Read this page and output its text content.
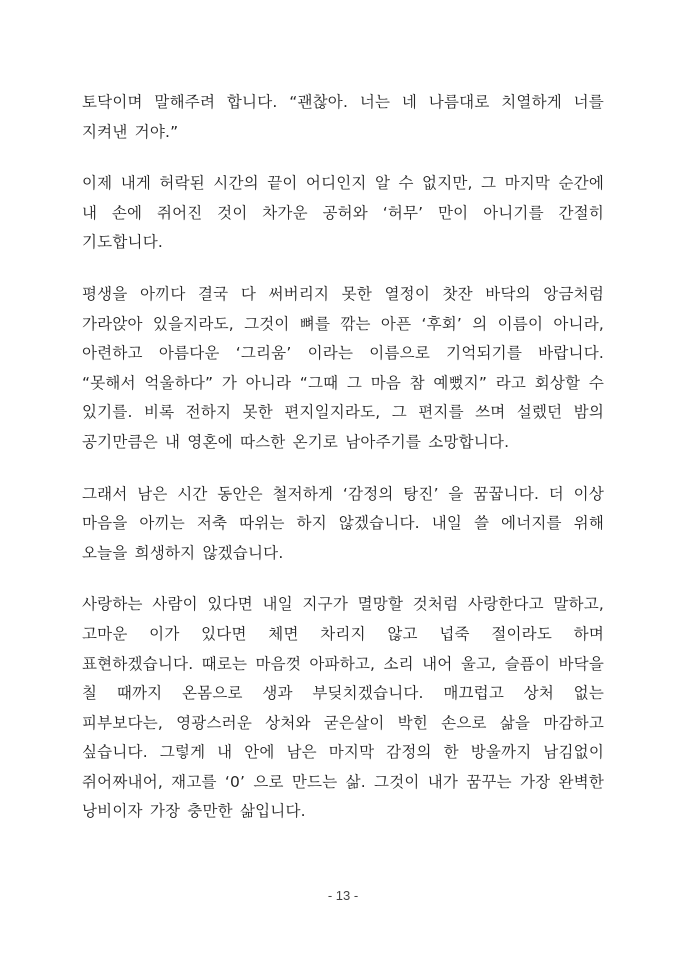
토닥이며 말해주려 합니다. “괜찮아. 너는 네 나름대로 치열하게 너를 지켜낸 거야.”

이제 내게 허락된 시간의 끝이 어디인지 알 수 없지만, 그 마지막 순간에 내 손에 쥐어진 것이 차가운 공허와 ‘허무’ 만이 아니기를 간절히 기도합니다.

평생을 아끼다 결국 다 써버리지 못한 열정이 찻잔 바닥의 앙금처럼 가라앉아 있을지라도, 그것이 뼈를 깎는 아픈 ‘후회’ 의 이름이 아니라, 아련하고 아름다운 ‘그리움’ 이라는 이름으로 기억되기를 바랍니다. “못해서 억울하다” 가 아니라 “그때 그 마음 참 예뻤지” 라고 회상할 수 있기를. 비록 전하지 못한 편지일지라도, 그 편지를 쓰며 설렜던 밤의 공기만큼은 내 영혼에 따스한 온기로 남아주기를 소망합니다.

그래서 남은 시간 동안은 철저하게 ‘감정의 탕진’ 을 꿈꿉니다. 더 이상 마음을 아끼는 저축 따위는 하지 않겠습니다. 내일 쓸 에너지를 위해 오늘을 희생하지 않겠습니다.

사랑하는 사람이 있다면 내일 지구가 멸망할 것처럼 사랑한다고 말하고, 고마운 이가 있다면 체면 차리지 않고 넙죽 절이라도 하며 표현하겠습니다. 때로는 마음껏 아파하고, 소리 내어 울고, 슬픔이 바닥을 칠 때까지 온몸으로 생과 부딪치겠습니다. 매끄럽고 상처 없는 피부보다는, 영광스러운 상처와 굳은살이 박힌 손으로 삶을 마감하고 싶습니다. 그렇게 내 안에 남은 마지막 감정의 한 방울까지 남김없이 쥐어짜내어, 재고를 ‘0’ 으로 만드는 삶. 그것이 내가 꿈꾸는 가장 완벽한 낭비이자 가장 충만한 삶입니다.

- 13 -
